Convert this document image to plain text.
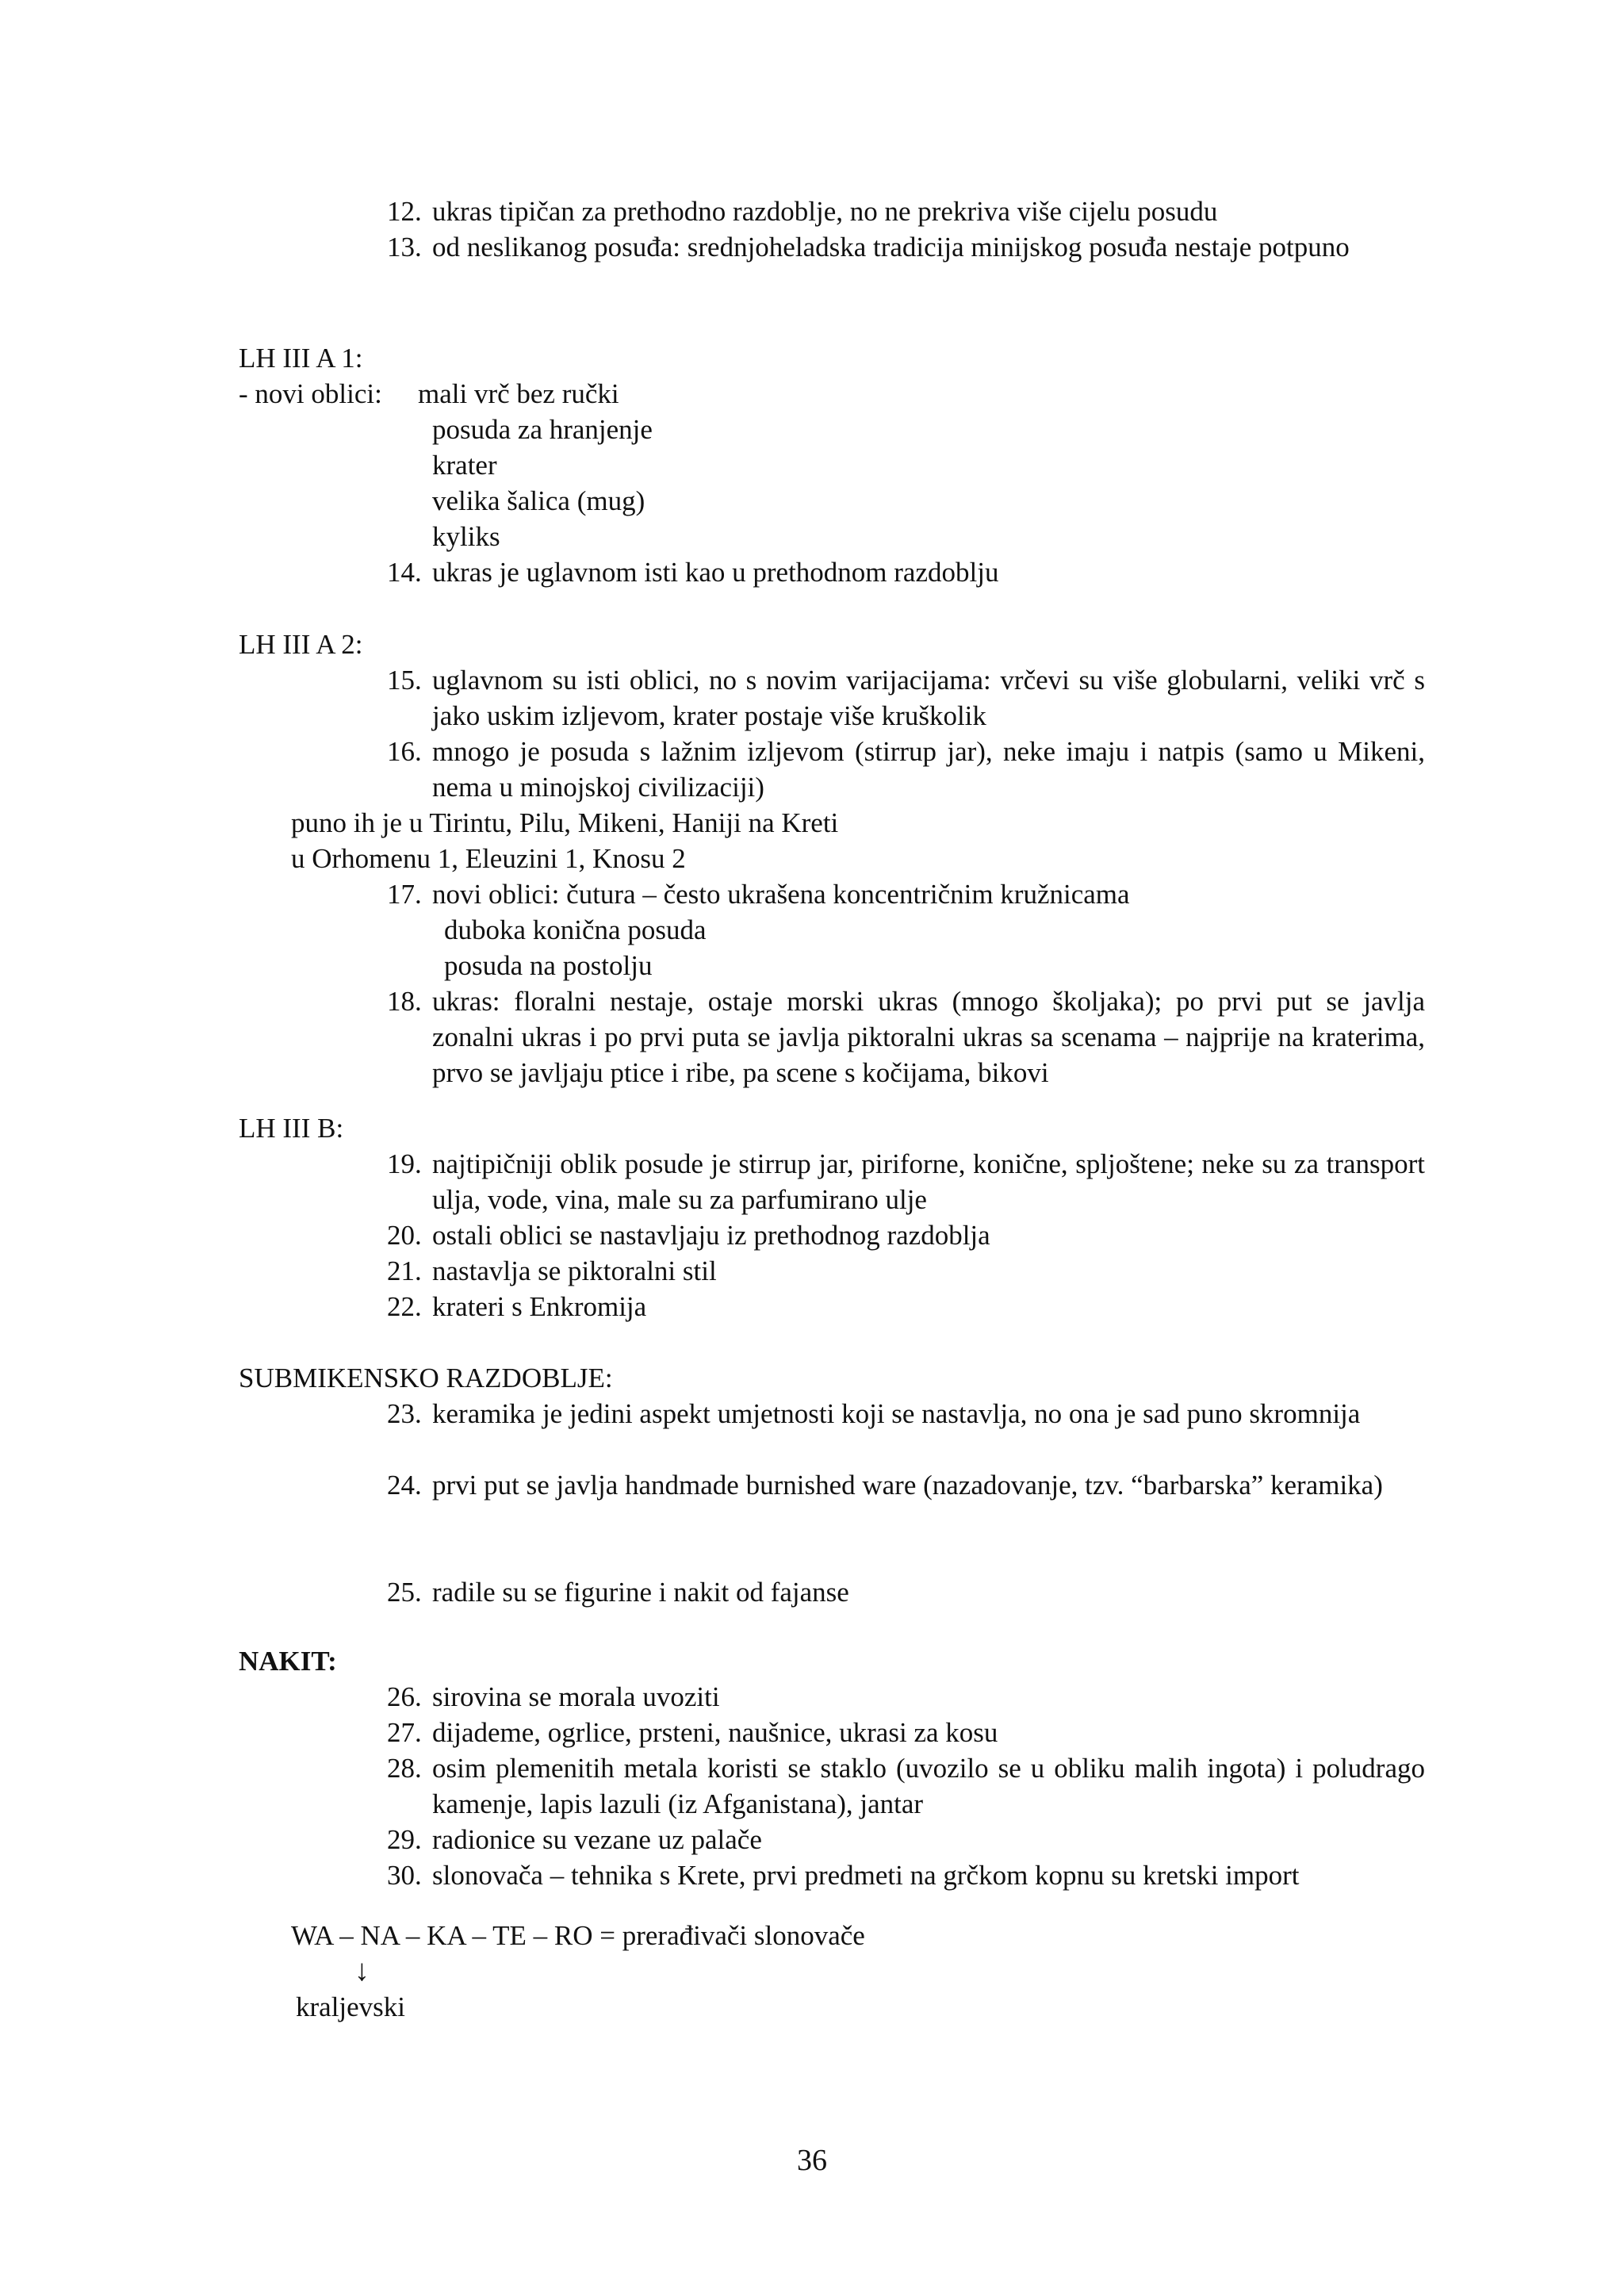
12. ukras tipičan za prethodno razdoblje, no ne prekriva više cijelu posudu
13. od neslikanog posuđa: srednjoheladska tradicija minijskog posuđa nestaje potpuno
LH III A 1:
- novi oblici: mali vrč bez ručki
posuda za hranjenje
krater
velika šalica (mug)
kyliks
14. ukras je uglavnom isti kao u prethodnom razdoblju
LH III A 2:
15. uglavnom su isti oblici, no s novim varijacijama: vrčevi su više globularni, veliki vrč s jako uskim izljevom, krater postaje više kruškolik
16. mnogo je posuda s lažnim izljevom (stirrup jar), neke imaju i natpis (samo u Mikeni, nema u minojskoj civilizaciji)
puno ih je u Tirintu, Pilu, Mikeni, Haniji na Kreti
u Orhomenu 1, Eleuzini 1, Knosu 2
17. novi oblici: čutura – često ukrašena koncentričnim kružnicama
duboka konična posuda
posuda na postolju
18. ukras: floralni nestaje, ostaje morski ukras (mnogo školjaka); po prvi put se javlja zonalni ukras i po prvi puta se javlja piktoralni ukras sa scenama – najprije na kraterima, prvo se javljaju ptice i ribe, pa scene s kočijama, bikovi
LH III B:
19. najtipičniji oblik posude je stirrup jar, piriforne, konične, spljoštene; neke su za transport ulja, vode, vina, male su za parfumirano ulje
20. ostali oblici se nastavljaju iz prethodnog razdoblja
21. nastavlja se piktoralni stil
22. krateri s Enkromija
SUBMIKENSKO RAZDOBLJE:
23. keramika je jedini aspekt umjetnosti koji se nastavlja, no ona je sad puno skromnija
24. prvi put se javlja handmade burnished ware (nazadovanje, tzv. “barbarska” keramika)
25. radile su se figurine i nakit od fajanse
NAKIT:
26. sirovina se morala uvoziti
27. dijademe, ogrlice, prsteni, naušnice, ukrasi za kosu
28. osim plemenitih metala koristi se staklo (uvozilo se u obliku malih ingota) i poludrago kamenje, lapis lazuli (iz Afganistana), jantar
29. radionice su vezane uz palače
30. slonovača – tehnika s Krete, prvi predmeti na grčkom kopnu su kretski import
WA – NA – KA – TE – RO = prerađivači slonovače
↓
kraljevski
36
